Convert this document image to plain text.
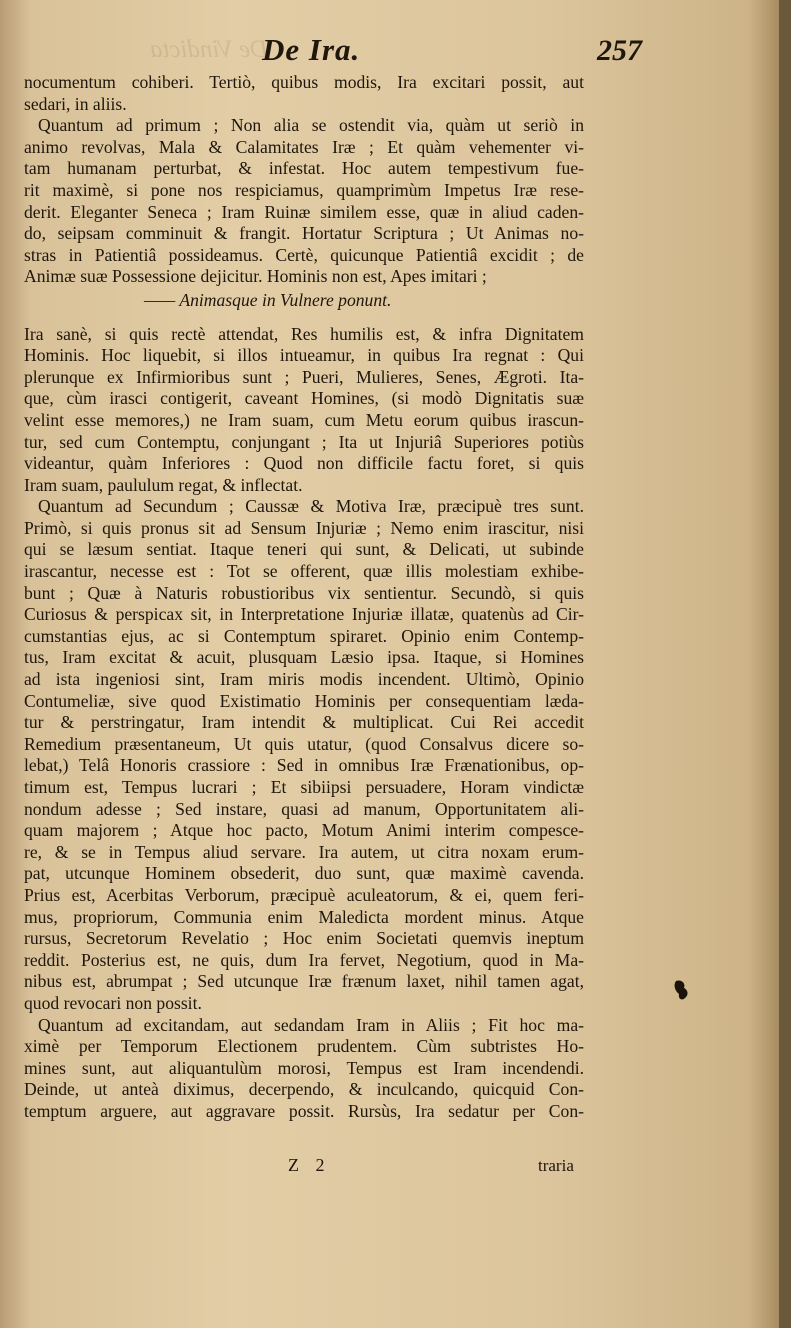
De Vindicta
De Ira.	257

nocumentum cohiberi. Tertiò, quibus modis, Ira excitari possit, aut
sedari, in aliis.

Quantum ad primum ; Non alia se ostendit via, quàm ut seriò in
animo revolvas, Mala & Calamitates Iræ ; Et quàm vehementer vi-
tam humanam perturbat, & infestat. Hoc autem tempestivum fue-
rit maximè, si pone nos respiciamus, quamprimùm Impetus Iræ rese-
derit. Eleganter Seneca ; Iram Ruinæ similem esse, quæ in aliud caden-
do, seipsam comminuit & frangit. Hortatur Scriptura ; Ut Animas no-
stras in Patientiâ possideamus. Certè, quicunque Patientiâ excidit ; de
Animæ suæ Possessione dejicitur. Hominis non est, Apes imitari ;

—— Animasque in Vulnere ponunt.

Ira sanè, si quis rectè attendat, Res humilis est, & infra Dignitatem
Hominis. Hoc liquebit, si illos intueamur, in quibus Ira regnat : Qui
plerunque ex Infirmioribus sunt ; Pueri, Mulieres, Senes, Ægroti. Ita-
que, cùm irasci contigerit, caveant Homines, (si modò Dignitatis suæ
velint esse memores,) ne Iram suam, cum Metu eorum quibus irascun-
tur, sed cum Contemptu, conjungant ; Ita ut Injuriâ Superiores potiùs
videantur, quàm Inferiores : Quod non difficile factu foret, si quis
Iram suam, paululum regat, & inflectat.

Quantum ad Secundum ; Caussæ & Motiva Iræ, præcipuè tres sunt.
Primò, si quis pronus sit ad Sensum Injuriæ ; Nemo enim irascitur, nisi
qui se læsum sentiat. Itaque teneri qui sunt, & Delicati, ut subinde
irascantur, necesse est : Tot se offerent, quæ illis molestiam exhibe-
bunt ; Quæ à Naturis robustioribus vix sentientur. Secundò, si quis
Curiosus & perspicax sit, in Interpretatione Injuriæ illatæ, quatenùs ad Cir-
cumstantias ejus, ac si Contemptum spiraret. Opinio enim Contemp-
tus, Iram excitat & acuit, plusquam Læsio ipsa. Itaque, si Homines
ad ista ingeniosi sint, Iram miris modis incendent. Ultimò, Opinio
Contumeliæ, sive quod Existimatio Hominis per consequentiam læda-
tur & perstringatur, Iram intendit & multiplicat. Cui Rei accedit
Remedium præsentaneum, Ut quis utatur, (quod Consalvus dicere so-
lebat,) Telâ Honoris crassiore : Sed in omnibus Iræ Frænationibus, op-
timum est, Tempus lucrari ; Et sibiipsi persuadere, Horam vindictæ
nondum adesse ; Sed instare, quasi ad manum, Opportunitatem ali-
quam majorem ; Atque hoc pacto, Motum Animi interim compesce-
re, & se in Tempus aliud servare. Ira autem, ut citra noxam erum-
pat, utcunque Hominem obsederit, duo sunt, quæ maximè cavenda.
Prius est, Acerbitas Verborum, præcipuè aculeatorum, & ei, quem feri-
mus, propriorum, Communia enim Maledicta mordent minus. Atque
rursus, Secretorum Revelatio ; Hoc enim Societati quemvis ineptum
reddit. Posterius est, ne quis, dum Ira fervet, Negotium, quod in Ma-
nibus est, abrumpat ; Sed utcunque Iræ frænum laxet, nihil tamen agat,
quod revocari non possit.

Quantum ad excitandam, aut sedandam Iram in Aliis ; Fit hoc ma-
ximè per Temporum Electionem prudentem. Cùm subtristes Ho-
mines sunt, aut aliquantulùm morosi, Tempus est Iram incendendi.
Deinde, ut anteà diximus, decerpendo, & inculcando, quicquid Con-
temptum arguere, aut aggravare possit. Rursùs, Ira sedatur per Con-

Z 2	traria
